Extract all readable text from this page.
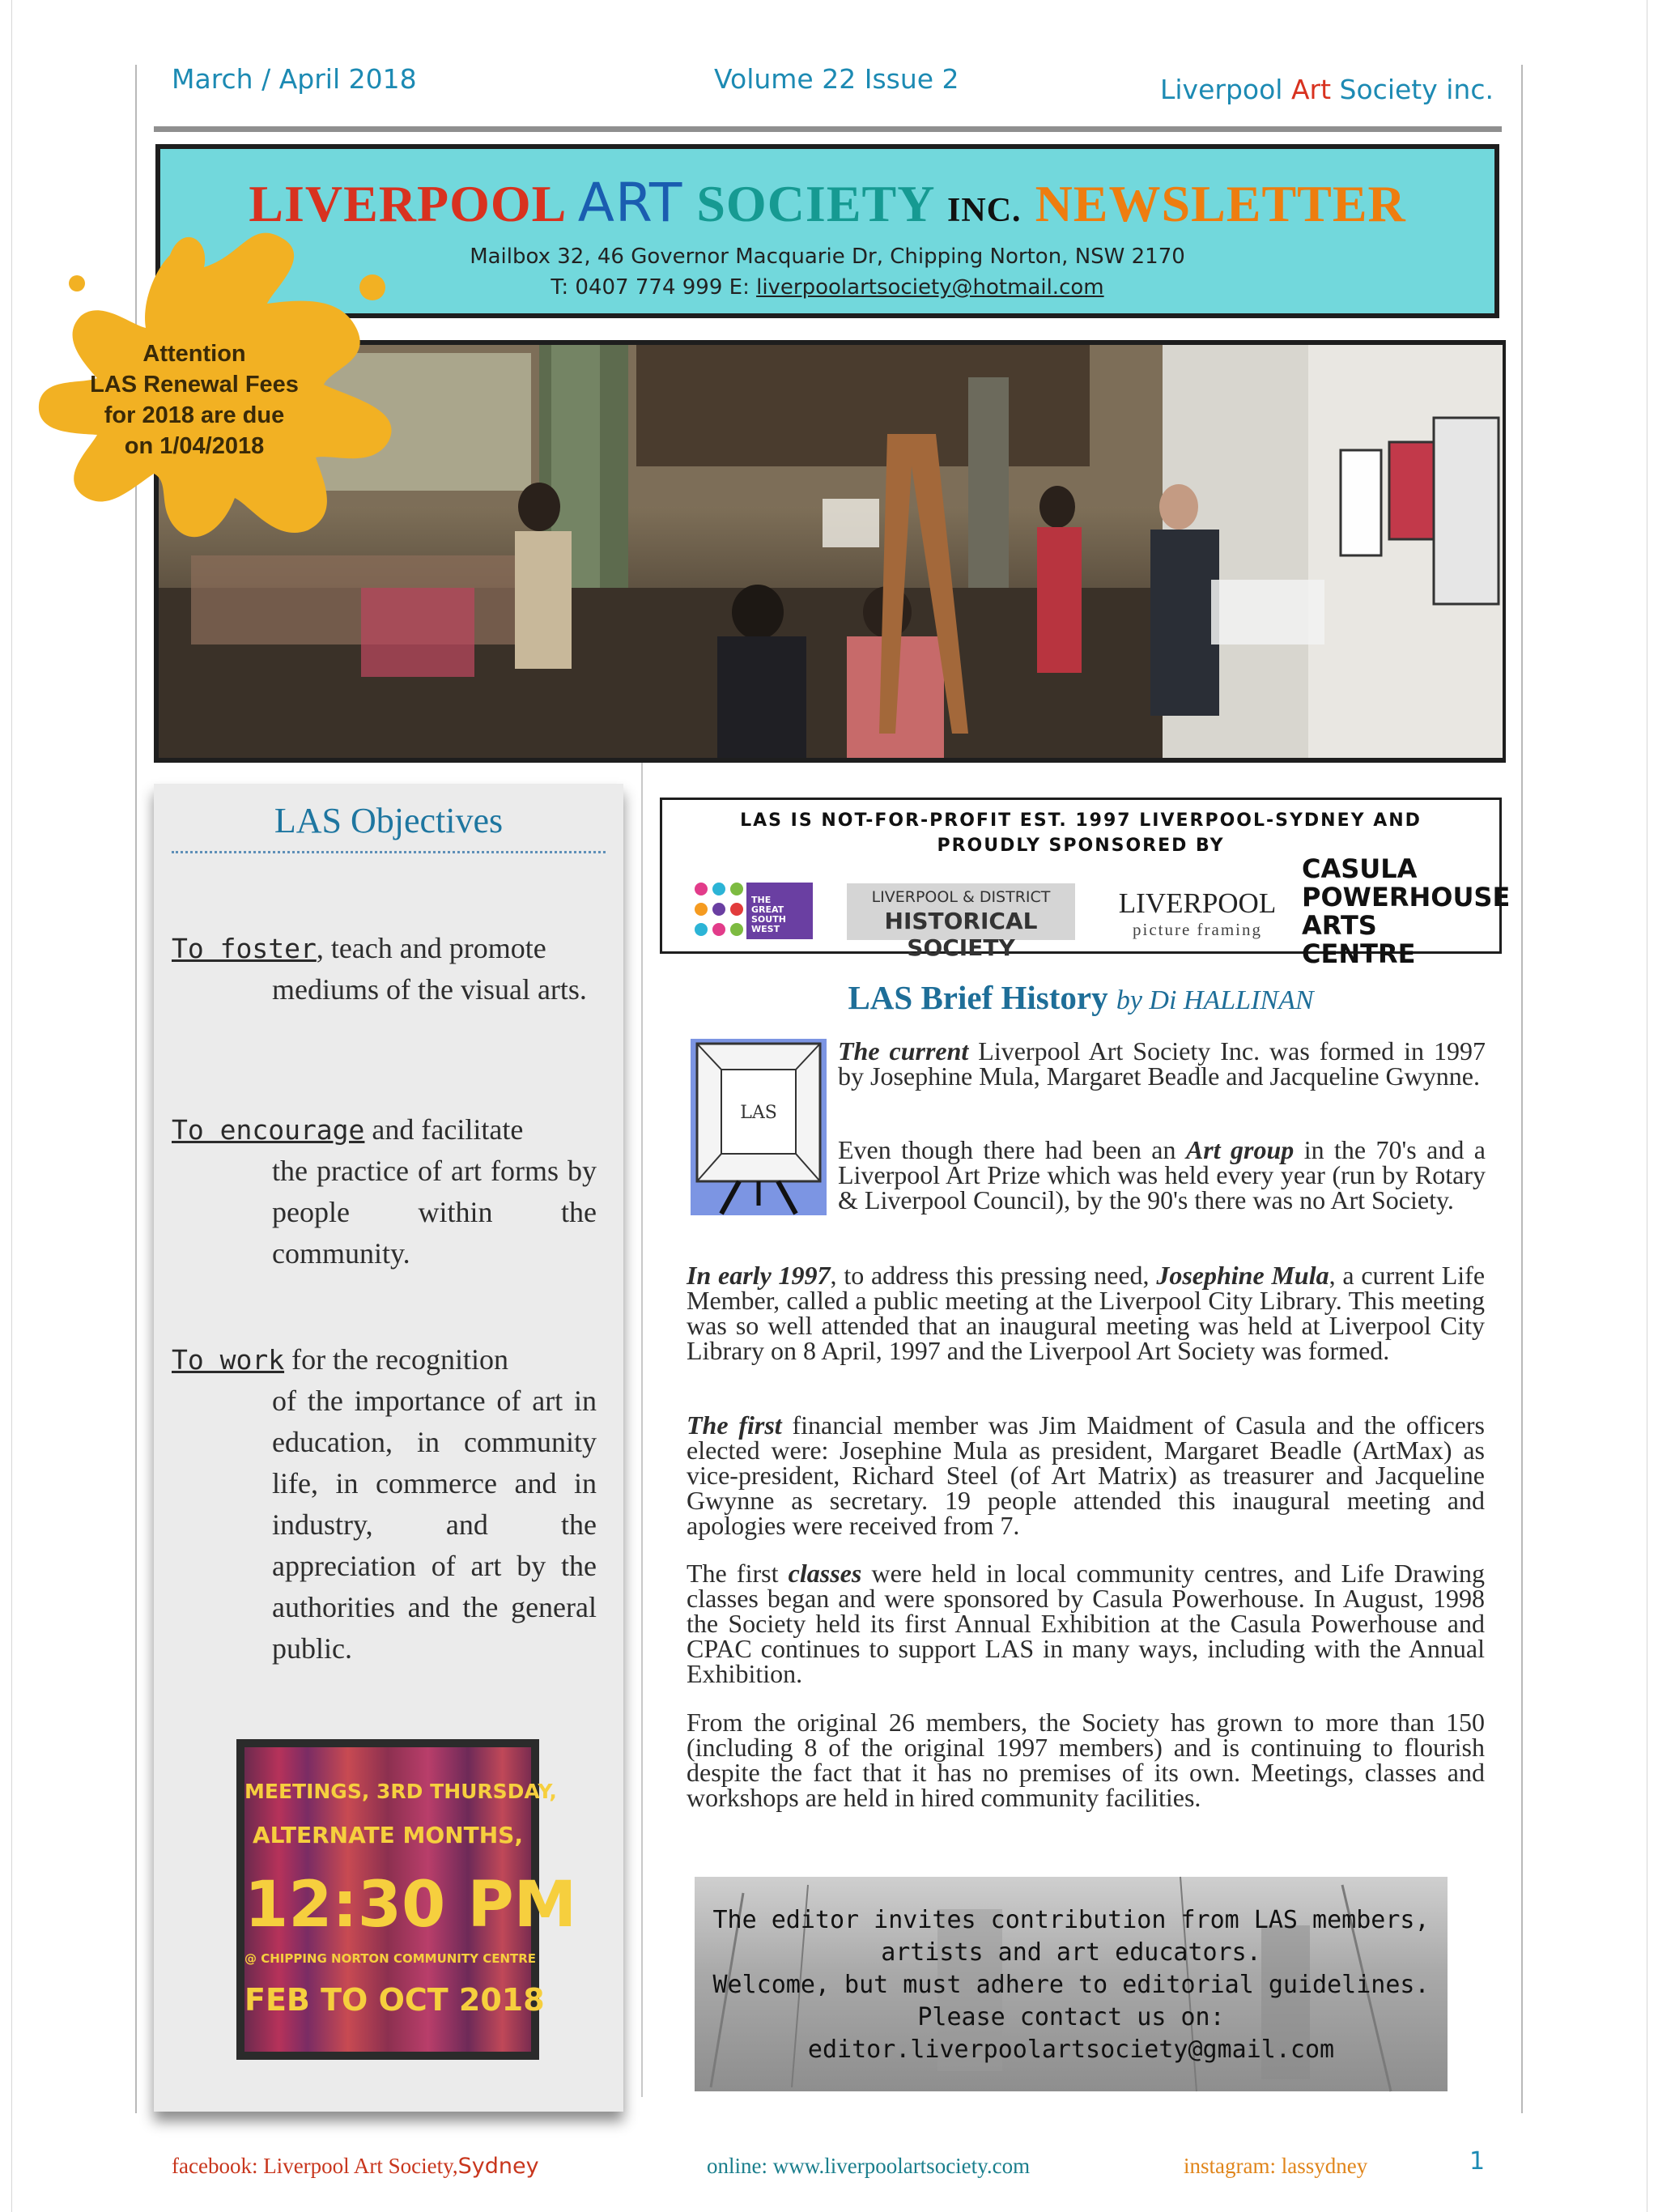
March / April 2018	Volume 22 Issue 2	Liverpool Art Society inc.
LIVERPOOL ART SOCIETY INC. NEWSLETTER
Mailbox 32, 46 Governor Macquarie Dr, Chipping Norton, NSW 2170
T: 0407 774 999 E: liverpoolartsociety@hotmail.com
Attention
LAS Renewal Fees
for 2018 are due
on 1/04/2018
LAS Objectives
To foster, teach and promote
mediums of the visual arts.
To encourage and facilitate
the practice of art forms by people within the community.
To work for the recognition
of the importance of art in education, in community life, in commerce and in industry, and the appreciation of art by the authorities and the general public.
MEETINGS, 3RD THURSDAY,
ALTERNATE MONTHS,
12:30 PM
@ CHIPPING NORTON COMMUNITY CENTRE
FEB TO OCT 2018
LAS IS NOT-FOR-PROFIT EST. 1997 LIVERPOOL-SYDNEY AND
PROUDLY SPONSORED BY
THE GREAT SOUTH WEST
LIVERPOOL & DISTRICT
HISTORICAL SOCIETY
LIVERPOOL
picture framing
CASULA
POWERHOUSE
ARTS CENTRE
LAS Brief History by Di HALLINAN
LAS
The current Liverpool Art Society Inc. was formed in 1997 by Josephine Mula, Margaret Beadle and Jacqueline Gwynne.
Even though there had been an Art group in the 70's and a Liverpool Art Prize which was held every year (run by Rotary & Liverpool Council), by the 90's there was no Art Society.
In early 1997, to address this pressing need, Josephine Mula, a current Life Member, called a public meeting at the Liverpool City Library. This meeting was so well attended that an inaugural meeting was held at Liverpool City Library on 8 April, 1997 and the Liverpool Art Society was formed.
The first financial member was Jim Maidment of Casula and the officers elected were: Josephine Mula as president, Margaret Beadle (ArtMax) as vice-president, Richard Steel (of Art Matrix) as treasurer and Jacqueline Gwynne as secretary. 19 people attended this inaugural meeting and apologies were received from 7.
The first classes were held in local community centres, and Life Drawing classes began and were sponsored by Casula Powerhouse. In August, 1998 the Society held its first Annual Exhibition at the Casula Powerhouse and CPAC continues to support LAS in many ways, including with the Annual Exhibition.
From the original 26 members, the Society has grown to more than 150 (including 8 of the original 1997 members) and is continuing to flourish despite the fact that it has no premises of its own. Meetings, classes and workshops are held in hired community facilities.
The editor invites contribution from LAS members,
artists and art educators.
Welcome, but must adhere to editorial guidelines.
Please contact us on:
editor.liverpoolartsociety@gmail.com
facebook: Liverpool Art Society,Sydney	online: www.liverpoolartsociety.com	instagram: lassydney	1
